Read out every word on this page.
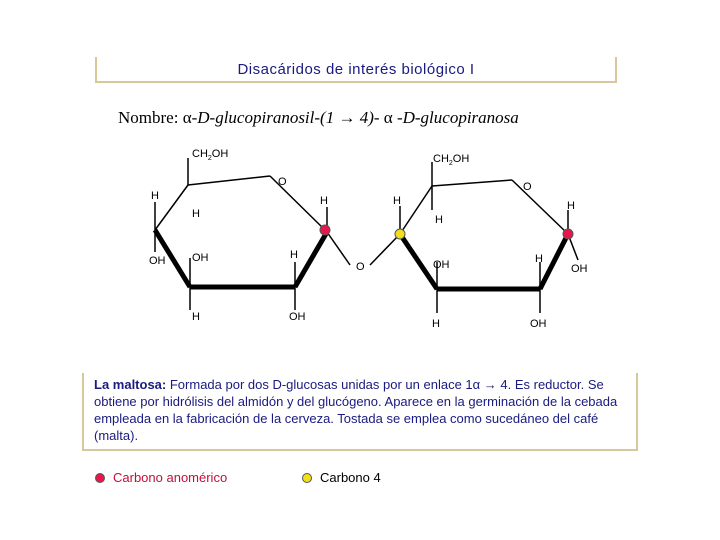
Disacáridos de interés biológico I
Nombre: α-D-glucopiranosil-(1 → 4)- α -D-glucopiranosa
$CH_2OH$
O
H
H
H
OH OH	H
H	OH
O
$CH_2OH$
O
H
H
H
OH	H
OH
H	OH
La maltosa: Formada por dos D-glucosas unidas por un enlace 1α → 4. Es reductor. Se obtiene por hidrólisis del almidón y del glucógeno. Aparece en la germinación de la cebada empleada en la fabricación de la cerveza. Tostada se emplea como sucedáneo del café (malta).
Carbono anomérico	Carbono 4
